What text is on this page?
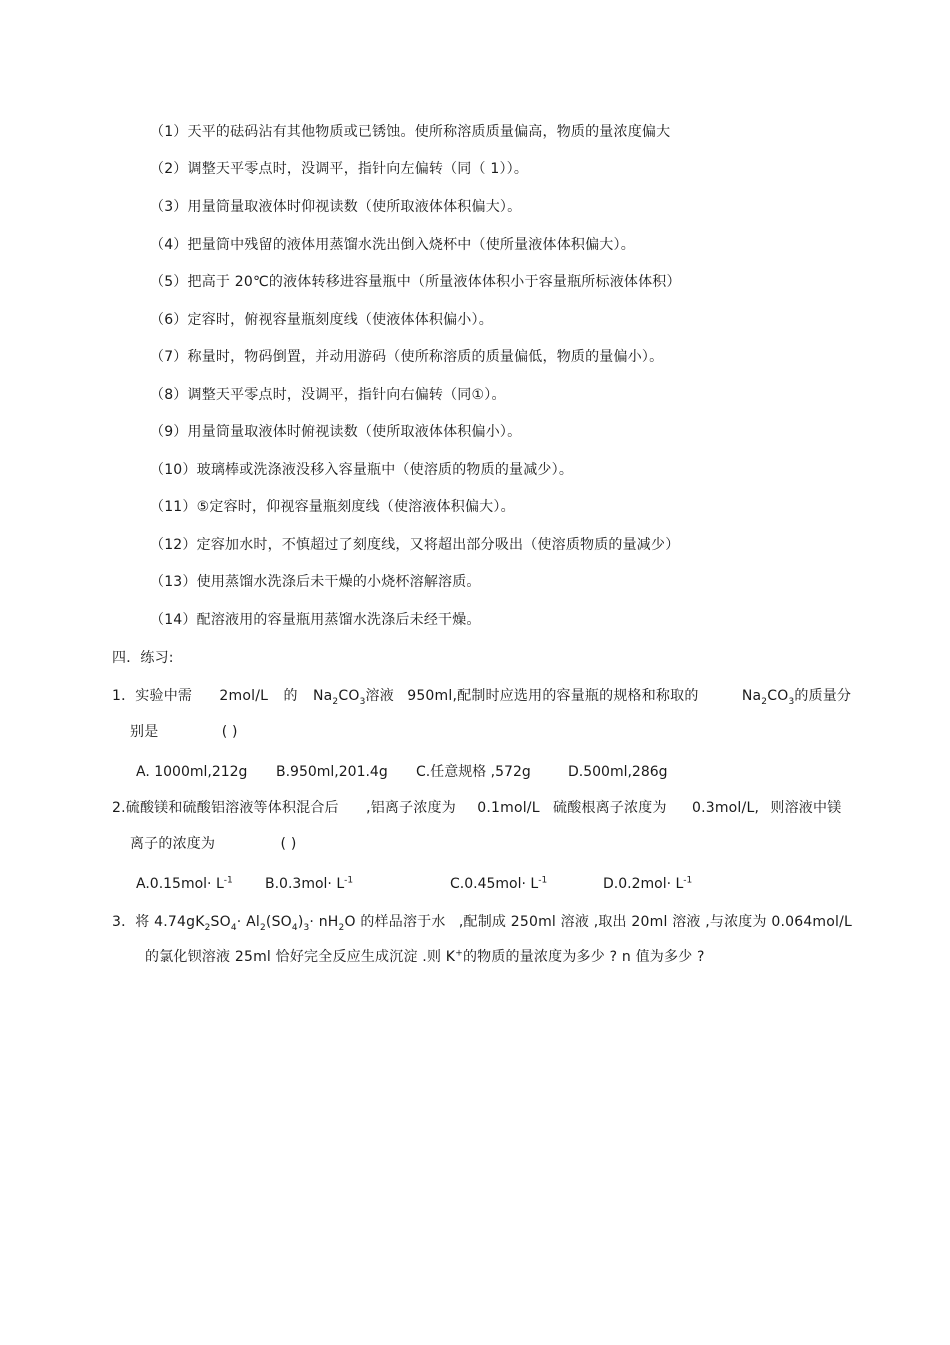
（1）天平的砝码沾有其他物质或已锈蚀。使所称溶质质量偏高，物质的量浓度偏大
（2）调整天平零点时，没调平，指针向左偏转（同（ 1））。
（3）用量筒量取液体时仰视读数（使所取液体体积偏大）。
（4）把量筒中残留的液体用蒸馏水洗出倒入烧杯中（使所量液体体积偏大）。
（5）把高于 20℃的液体转移进容量瓶中（所量液体体积小于容量瓶所标液体体积）
（6）定容时，俯视容量瓶刻度线（使液体体积偏小）。
（7）称量时，物码倒置，并动用游码（使所称溶质的质量偏低，物质的量偏小）。
（8）调整天平零点时，没调平，指针向右偏转（同①）。
（9）用量筒量取液体时俯视读数（使所取液体体积偏小）。
（10）玻璃棒或洗涤液没移入容量瓶中（使溶质的物质的量减少）。
（11）⑤定容时，仰视容量瓶刻度线（使溶液体积偏大）。
（12）定容加水时，不慎超过了刻度线，又将超出部分吸出（使溶质物质的量减少）
（13）使用蒸馏水洗涤后未干燥的小烧杯溶解溶质。
（14）配溶液用的容量瓶用蒸馏水洗涤后未经干燥。
四．练习:
1．实验中需 2mol/L 的 $Na_2CO_3$溶液 950ml,配制时应选用的容量瓶的规格和称取的	$Na_2CO_3$的质量分
别是	( )
A. 1000ml,212g B.950ml,201.4g C.任意规格 ,572g	D.500ml,286g
2.硫酸镁和硫酸铝溶液等体积混合后 ,铝离子浓度为 0.1mol/L 硫酸根离子浓度为 0.3mol/L, 则溶液中镁
离子的浓度为	( )
$A.0.15mol\cdot L^{-1}$ $B.0.3mol\cdot L^{-1}$	$C.0.45mol\cdot L^{-1}$	$D.0.2mol\cdot L^{-1}$
3．将 $4.74gK_2SO_4\cdot Al_2(SO_4)_3\cdot nH_2O$ 的样品溶于水 ,配制成 250ml 溶液 ,取出 20ml 溶液 ,与浓度为 0.064mol/L
的氯化钡溶液 25ml 恰好完全反应生成沉淀 .则 K+的物质的量浓度为多少 ? n 值为多少 ?
